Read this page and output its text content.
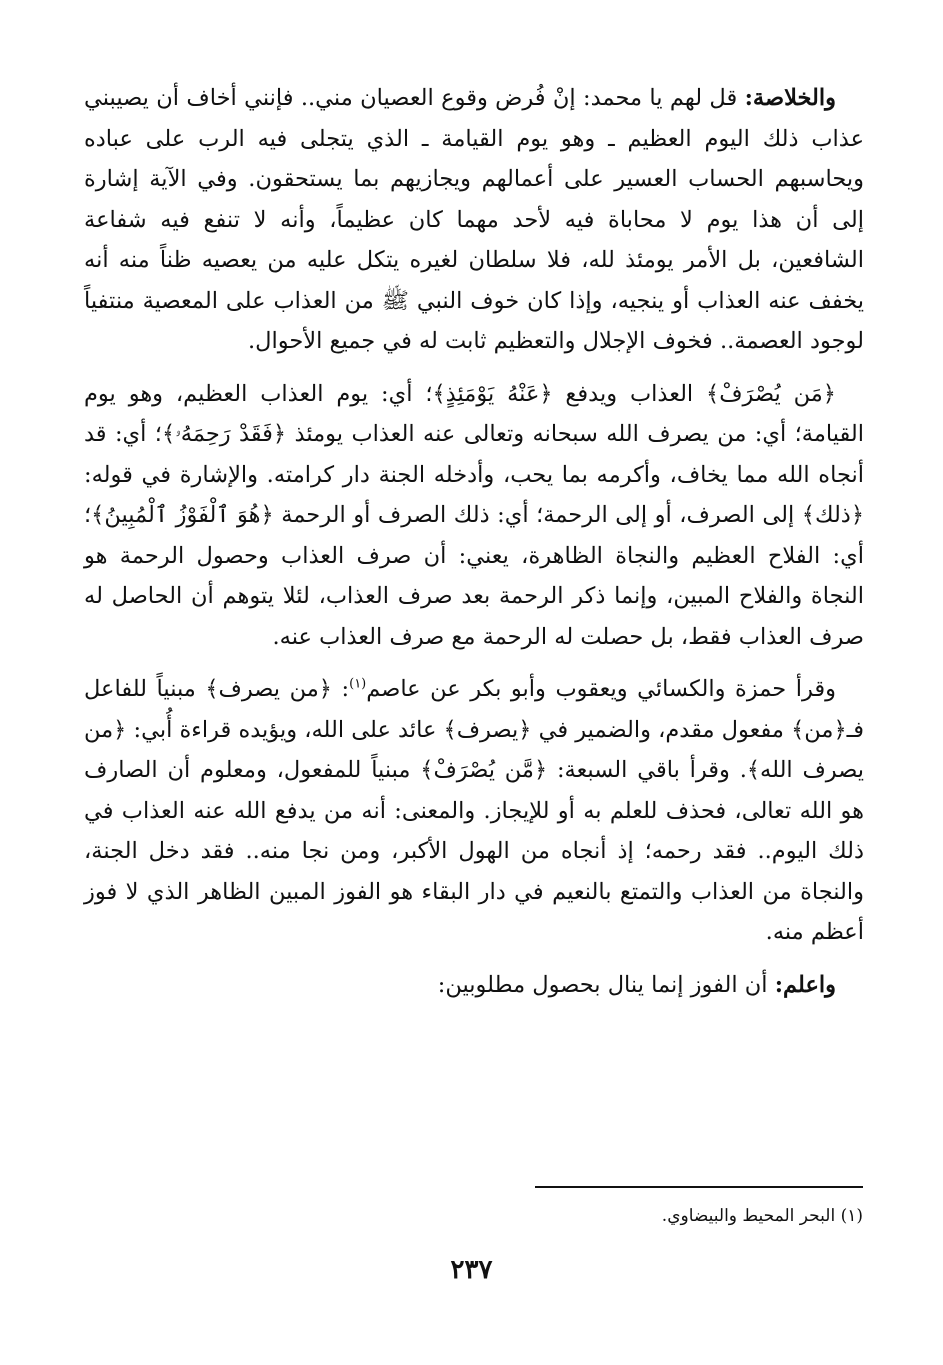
والخلاصة: قل لهم يا محمد: إنْ فُرض وقوع العصيان مني.. فإنني أخاف أن يصيبني عذاب ذلك اليوم العظيم ـ وهو يوم القيامة ـ الذي يتجلى فيه الرب على عباده ويحاسبهم الحساب العسير على أعمالهم ويجازيهم بما يستحقون. وفي الآية إشارة إلى أن هذا يوم لا محاباة فيه لأحد مهما كان عظيماً، وأنه لا تنفع فيه شفاعة الشافعين، بل الأمر يومئذ لله، فلا سلطان لغيره يتكل عليه من يعصيه ظناً منه أنه يخفف عنه العذاب أو ينجيه، وإذا كان خوف النبي ﷺ من العذاب على المعصية منتفياً لوجود العصمة.. فخوف الإجلال والتعظيم ثابت له في جميع الأحوال.

﴿مَن يُصْرَفْ﴾ العذاب ويدفع ﴿عَنْهُ يَوْمَئِذٍ﴾؛ أي: يوم العذاب العظيم، وهو يوم القيامة؛ أي: من يصرف الله سبحانه وتعالى عنه العذاب يومئذ ﴿فَقَدْ رَحِمَهُۥ﴾؛ أي: قد أنجاه الله مما يخاف، وأكرمه بما يحب، وأدخله الجنة دار كرامته. والإشارة في قوله: ﴿ذلك﴾ إلى الصرف، أو إلى الرحمة؛ أي: ذلك الصرف أو الرحمة ﴿هُوَ ٱلْفَوْزُ ٱلْمُبِينُ﴾؛ أي: الفلاح العظيم والنجاة الظاهرة، يعني: أن صرف العذاب وحصول الرحمة هو النجاة والفلاح المبين، وإنما ذكر الرحمة بعد صرف العذاب، لئلا يتوهم أن الحاصل له صرف العذاب فقط، بل حصلت له الرحمة مع صرف العذاب عنه.

وقرأ حمزة والكسائي ويعقوب وأبو بكر عن عاصم$^{(١)}$: ﴿من يصرف﴾ مبنياً للفاعل فـ﴿من﴾ مفعول مقدم، والضمير في ﴿يصرف﴾ عائد على الله، ويؤيده قراءة أُبي: ﴿من يصرف الله﴾. وقرأ باقي السبعة: ﴿مَّن يُصْرَفْ﴾ مبنياً للمفعول، ومعلوم أن الصارف هو الله تعالى، فحذف للعلم به أو للإيجاز. والمعنى: أنه من يدفع الله عنه العذاب في ذلك اليوم.. فقد رحمه؛ إذ أنجاه من الهول الأكبر، ومن نجا منه.. فقد دخل الجنة، والنجاة من العذاب والتمتع بالنعيم في دار البقاء هو الفوز المبين الظاهر الذي لا فوز أعظم منه.

واعلم: أن الفوز إنما ينال بحصول مطلوبين:

(١) البحر المحيط والبيضاوي.
٢٣٧
